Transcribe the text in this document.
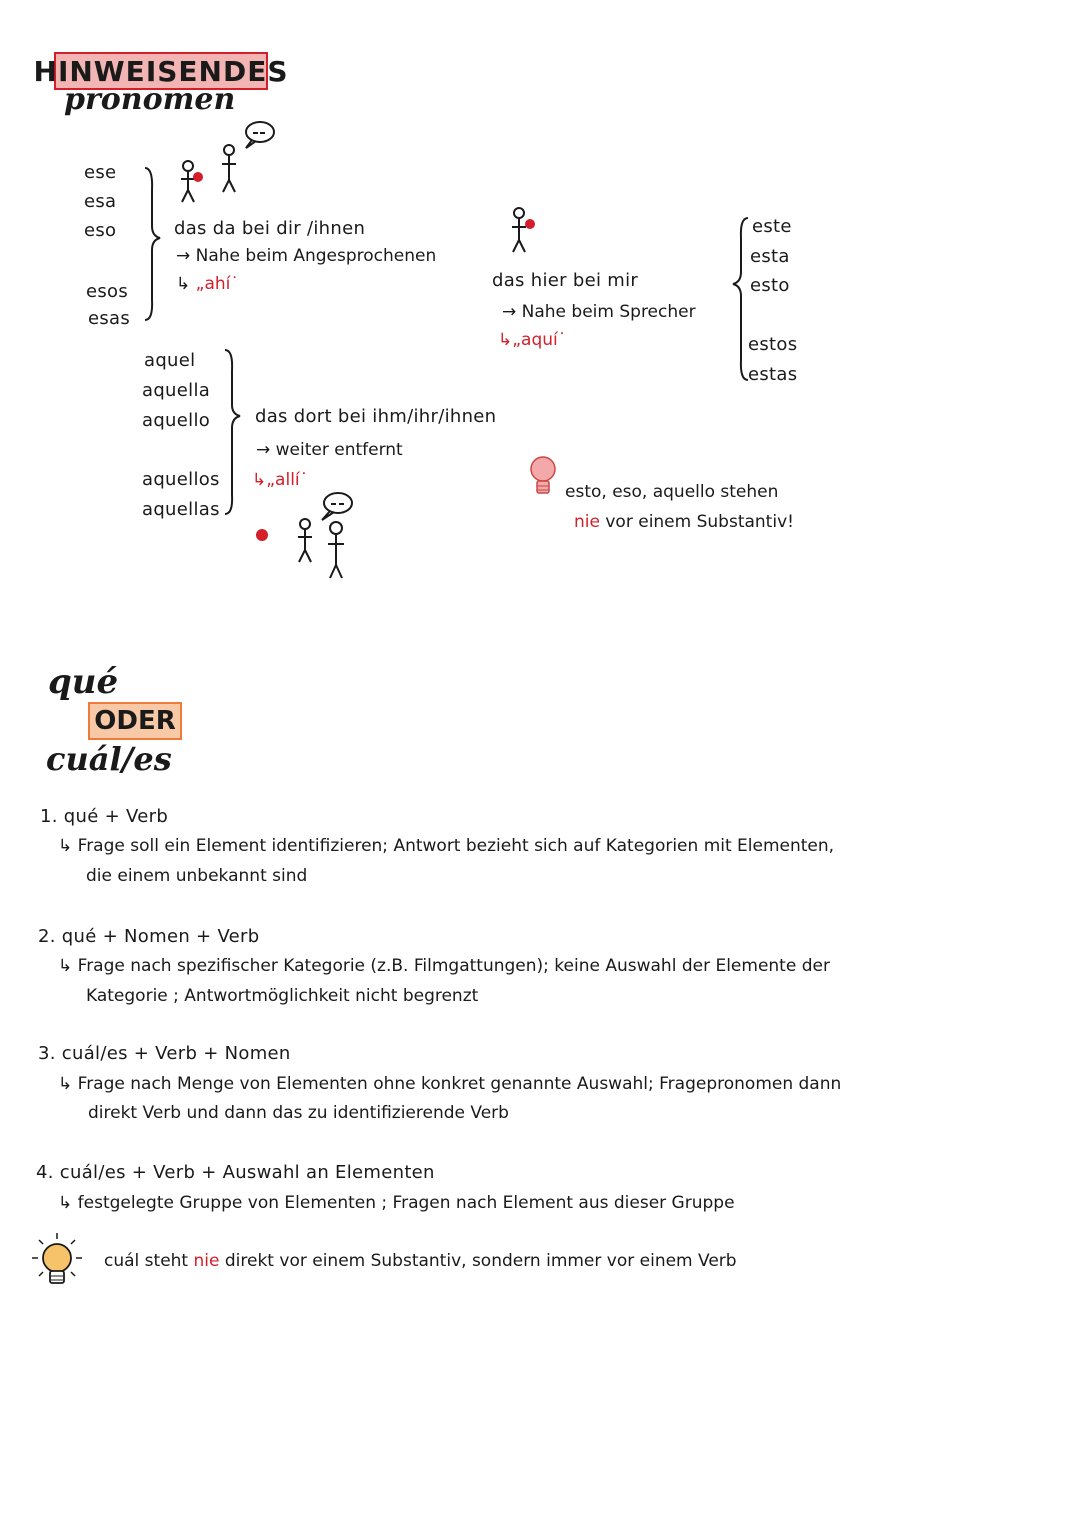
HINWEISENDES
pronomen
ese
esa
eso
esos
esas
das da bei dir /ihnen
→ Nahe beim Angesprochenen
↳ „ahí˙	das hier bei mir
→ Nahe beim Sprecher
↳„aquí˙
este
esta
esto
estos
estas
aquel
aquella
aquello
aquellos
aquellas
das dort bei ihm/ihr/ihnen
→ weiter entfernt
↳„allí˙
esto, eso, aquello stehen
nie vor einem Substantiv!
qué
ODER
cuál/es
1. qué + Verb
↳ Frage soll ein Element identifizieren; Antwort bezieht sich auf Kategorien mit Elementen,
die einem unbekannt sind
2. qué + Nomen + Verb
↳ Frage nach spezifischer Kategorie (z.B. Filmgattungen); keine Auswahl der Elemente der
Kategorie ; Antwortmöglichkeit nicht begrenzt
3. cuál/es + Verb + Nomen
↳ Frage nach Menge von Elementen ohne konkret genannte Auswahl; Fragepronomen dann
direkt Verb und dann das zu identifizierende Verb
4. cuál/es + Verb + Auswahl an Elementen
↳ festgelegte Gruppe von Elementen ; Fragen nach Element aus dieser Gruppe
cuál steht nie direkt vor einem Substantiv, sondern immer vor einem Verb
